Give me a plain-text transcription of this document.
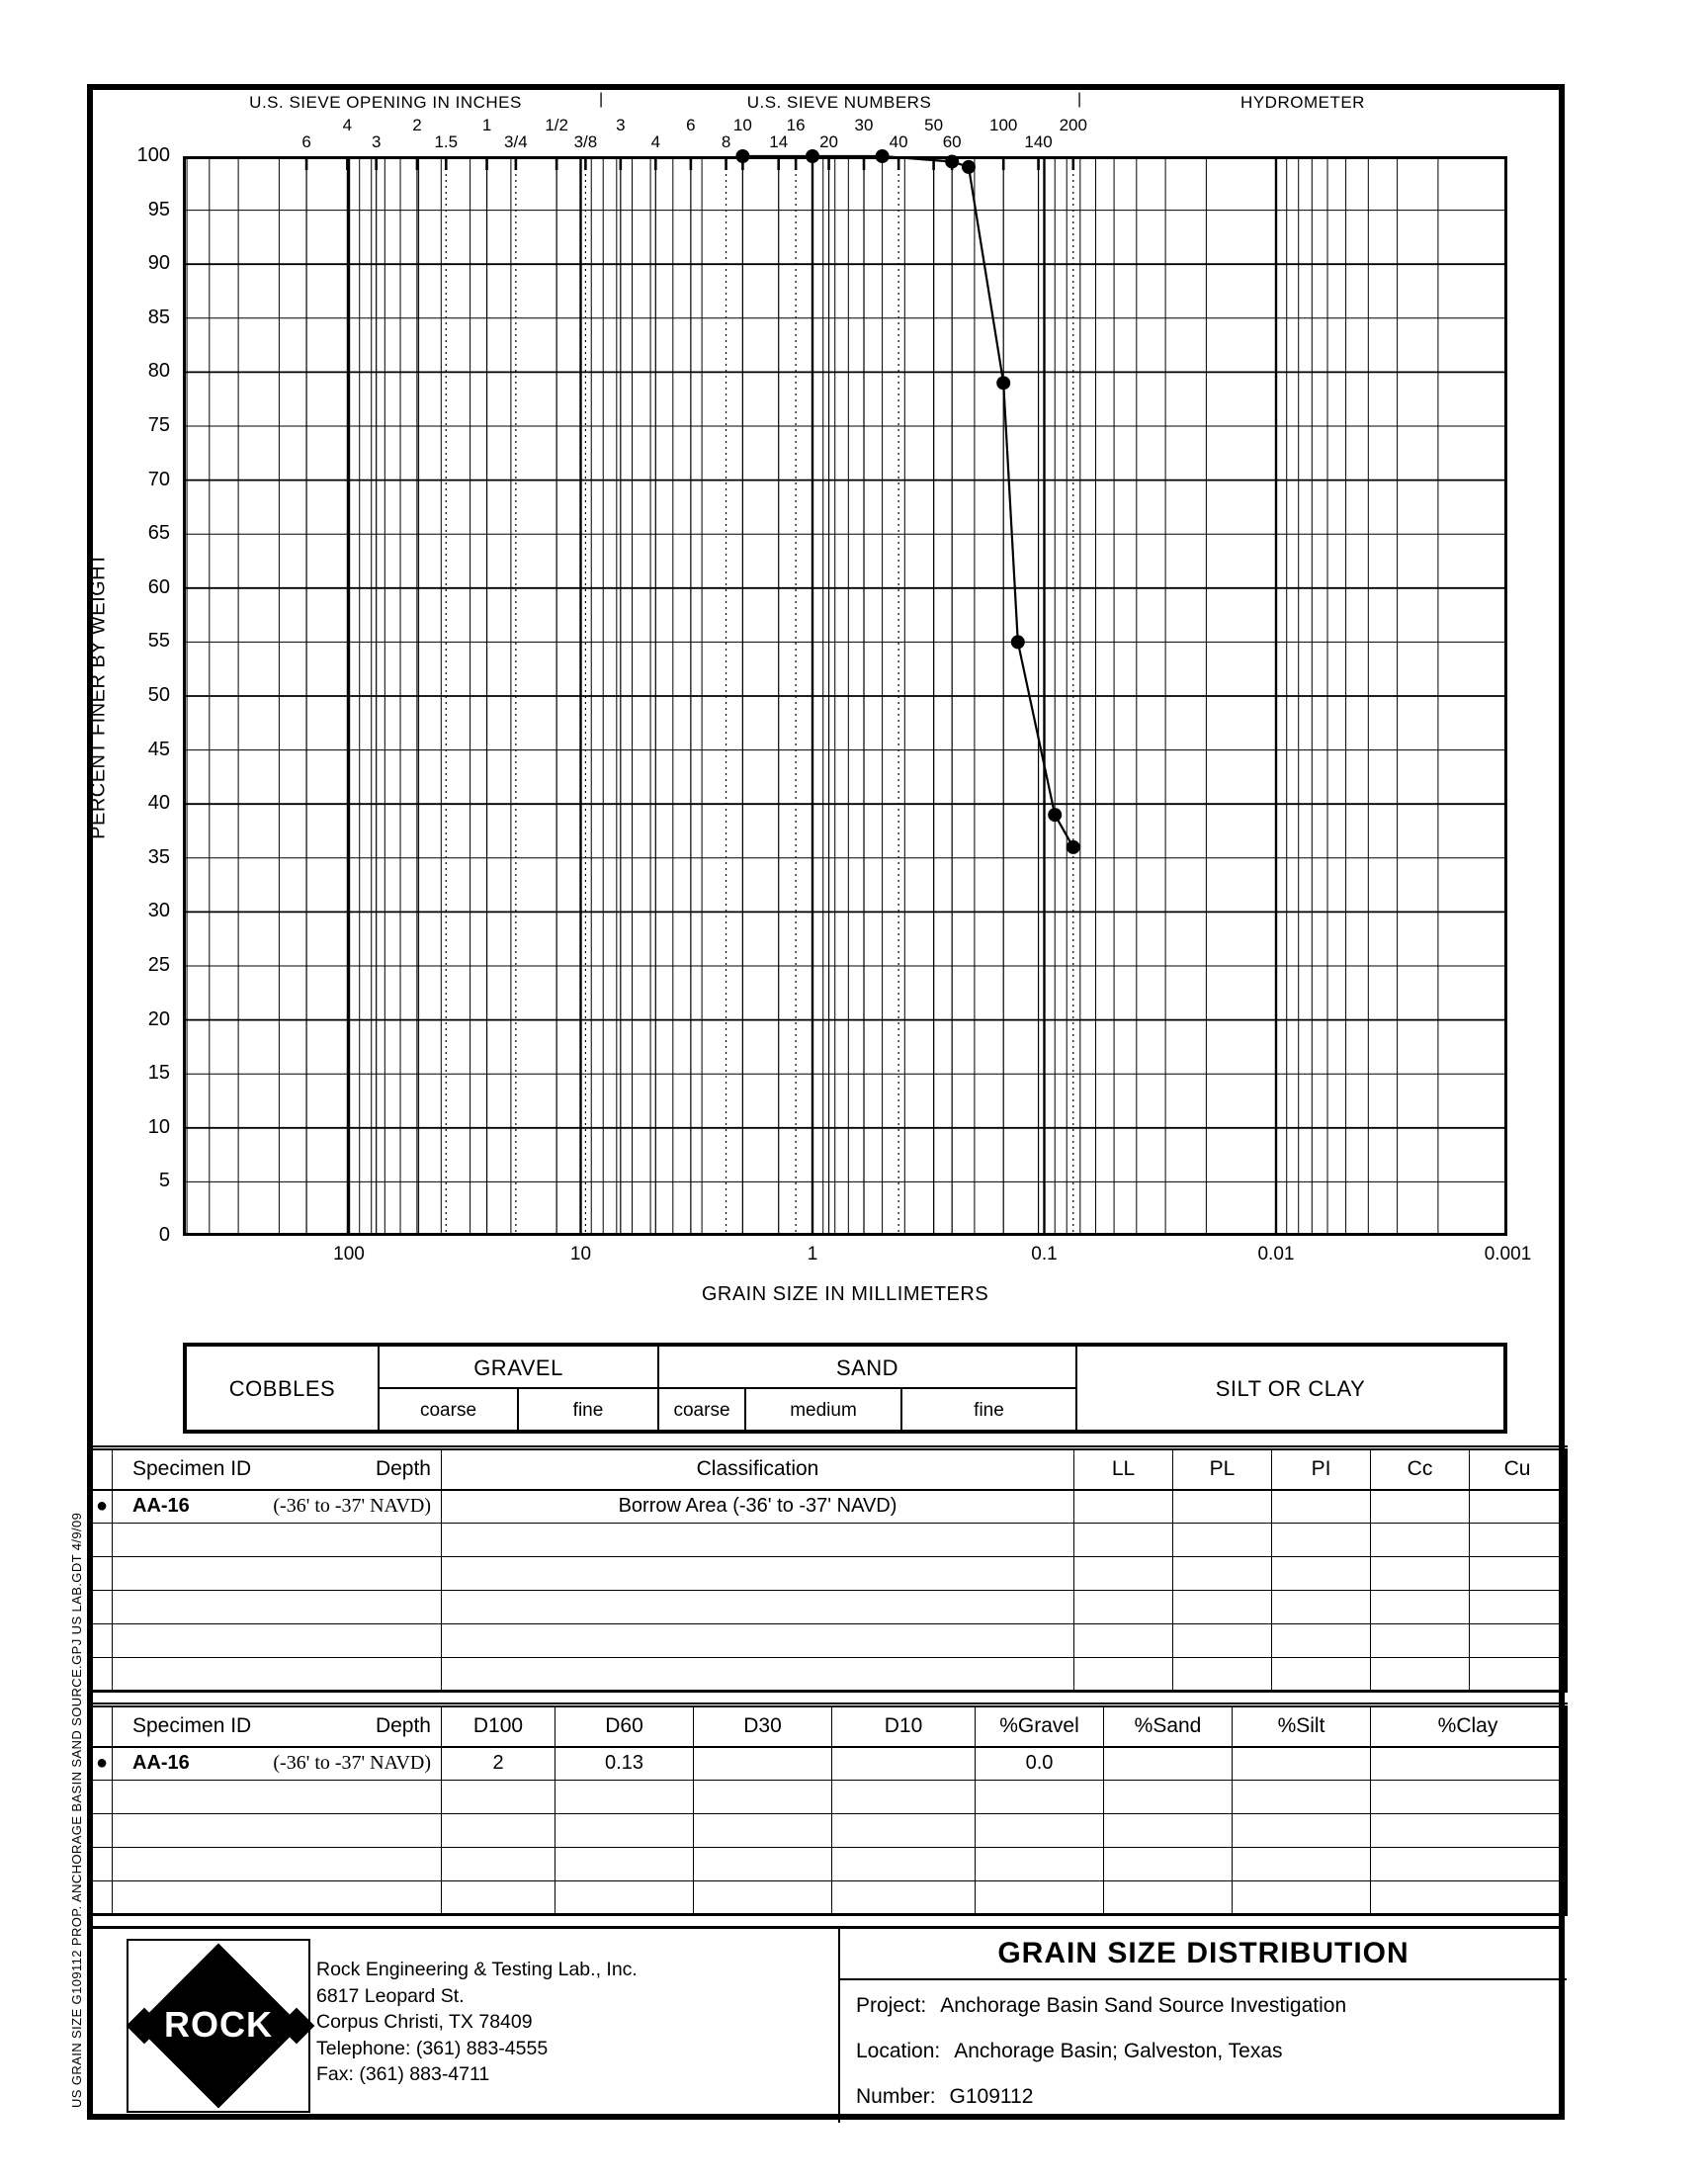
US GRAIN SIZE G109112 PROP. ANCHORAGE BASIN SAND SOURCE.GPJ US LAB.GDT 4/9/09
U.S. SIEVE OPENING IN INCHES	|	U.S. SIEVE NUMBERS	|	HYDROMETER
6
4
3
2
1.5
1
3/4
1/2
3/8
3
4
6
8
10
14
16
20
30
40
50
60
100
140
200
100
95
90
85
80
75
70
65
60
55
50
45
40
35
30
25
20
15
10
5
0
100	10	1	0.1	0.01	0.001
PERCENT FINER BY WEIGHT
GRAIN SIZE IN MILLIMETERS
COBBLES
GRAVEL
coarse	fine
SAND
coarse	medium	fine
SILT OR CLAY

	Specimen ID Depth	Classification	LL	PL	PI	Cc	Cu
●	AA-16 (-36' to -37' NAVD)	Borrow Area (-36' to -37' NAVD)					

	Specimen ID Depth	D100	D60	D30	D10	%Gravel	%Sand	%Silt	%Clay
●	AA-16 (-36' to -37' NAVD)	2	0.13			0.0			

ROCK
Rock Engineering & Testing Lab., Inc.
6817 Leopard St.
Corpus Christi, TX 78409
Telephone: (361) 883-4555
Fax: (361) 883-4711
GRAIN SIZE DISTRIBUTION
Project: Anchorage Basin Sand Source Investigation
Location: Anchorage Basin; Galveston, Texas
Number: G109112
